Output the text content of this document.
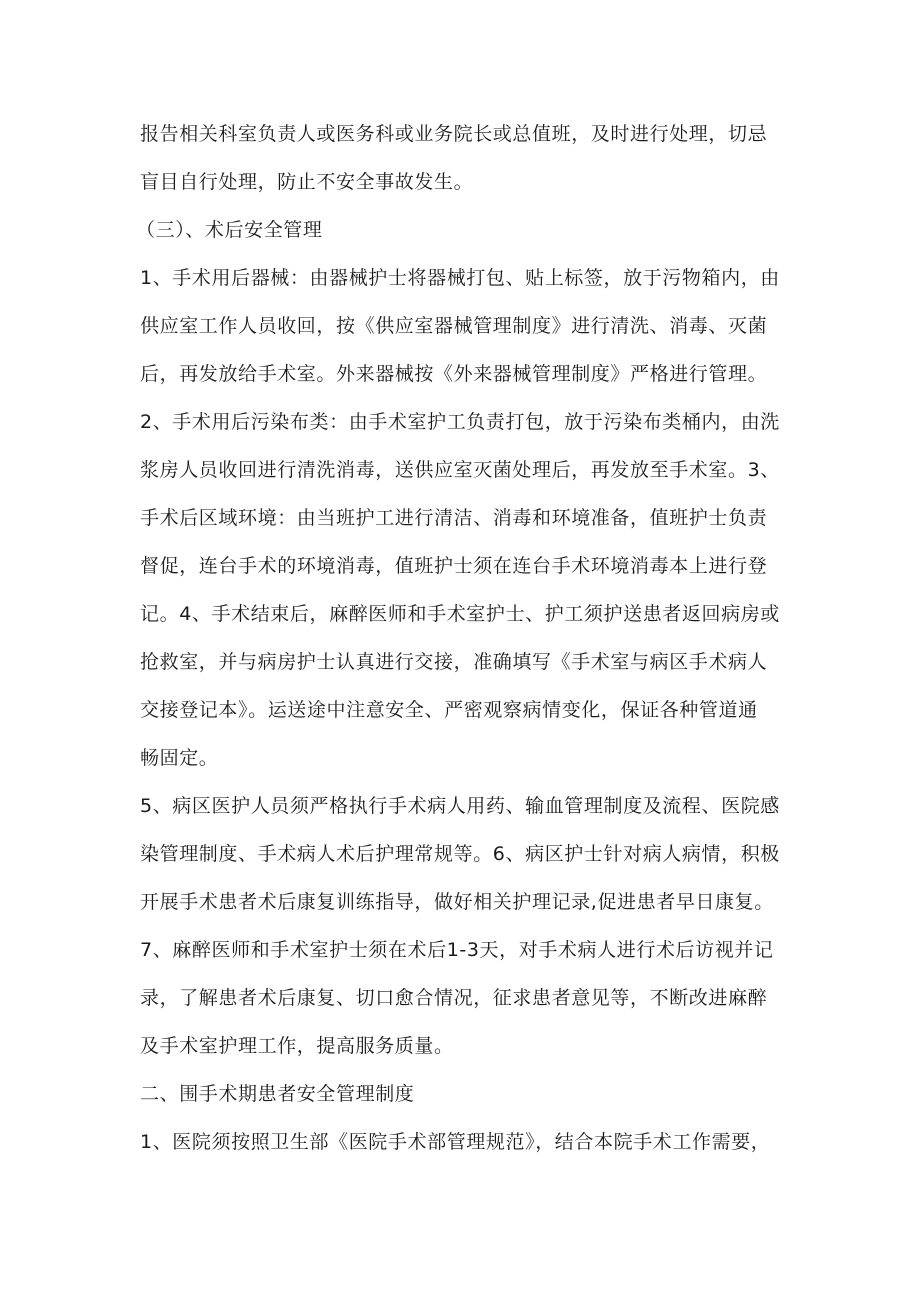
报告相关科室负责人或医务科或业务院长或总值班，及时进行处理，切忌
盲目自行处理，防止不安全事故发生。
（三）、术后安全管理
1、手术用后器械：由器械护士将器械打包、贴上标签，放于污物箱内，由
供应室工作人员收回，按《供应室器械管理制度》进行清洗、消毒、灭菌
后，再发放给手术室。外来器械按《外来器械管理制度》严格进行管理。
2、手术用后污染布类：由手术室护工负责打包，放于污染布类桶内，由洗
浆房人员收回进行清洗消毒，送供应室灭菌处理后，再发放至手术室。3、
手术后区域环境：由当班护工进行清洁、消毒和环境准备，值班护士负责
督促，连台手术的环境消毒，值班护士须在连台手术环境消毒本上进行登
记。4、手术结束后，麻醉医师和手术室护士、护工须护送患者返回病房或
抢救室，并与病房护士认真进行交接，准确填写《手术室与病区手术病人
交接登记本》。运送途中注意安全、严密观察病情变化，保证各种管道通
畅固定。
5、病区医护人员须严格执行手术病人用药、输血管理制度及流程、医院感
染管理制度、手术病人术后护理常规等。6、病区护士针对病人病情，积极
开展手术患者术后康复训练指导，做好相关护理记录,促进患者早日康复。
7、麻醉医师和手术室护士须在术后1-3天，对手术病人进行术后访视并记
录，了解患者术后康复、切口愈合情况，征求患者意见等，不断改进麻醉
及手术室护理工作，提高服务质量。
二、围手术期患者安全管理制度
1、医院须按照卫生部《医院手术部管理规范》，结合本院手术工作需要，
